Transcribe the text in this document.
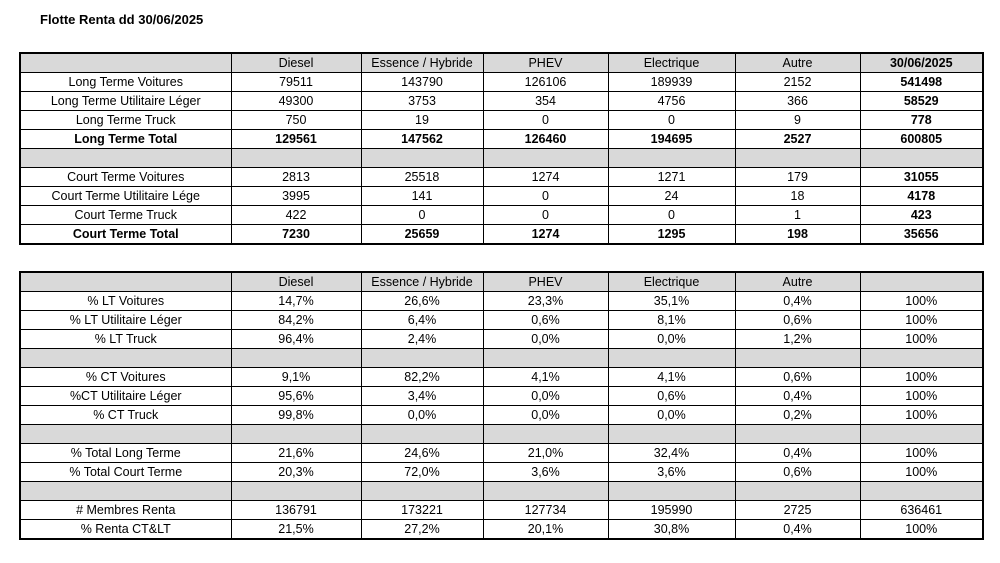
Flotte Renta dd 30/06/2025
	Diesel	Essence / Hybride	PHEV	Electrique	Autre	30/06/2025
Long Terme Voitures	79511	143790	126106	189939	2152	541498
Long Terme Utilitaire Léger	49300	3753	354	4756	366	58529
Long Terme Truck	750	19	0	0	9	778
Long Terme Total	129561	147562	126460	194695	2527	600805

Court Terme Voitures	2813	25518	1274	1271	179	31055
Court Terme Utilitaire Lége	3995	141	0	24	18	4178
Court Terme Truck	422	0	0	0	1	423
Court Terme Total	7230	25659	1274	1295	198	35656
	Diesel	Essence / Hybride	PHEV	Electrique	Autre	
% LT Voitures	14,7%	26,6%	23,3%	35,1%	0,4%	100%
% LT Utilitaire Léger	84,2%	6,4%	0,6%	8,1%	0,6%	100%
% LT Truck	96,4%	2,4%	0,0%	0,0%	1,2%	100%

% CT Voitures	9,1%	82,2%	4,1%	4,1%	0,6%	100%
%CT Utilitaire Léger	95,6%	3,4%	0,0%	0,6%	0,4%	100%
% CT Truck	99,8%	0,0%	0,0%	0,0%	0,2%	100%

% Total Long Terme	21,6%	24,6%	21,0%	32,4%	0,4%	100%
% Total Court Terme	20,3%	72,0%	3,6%	3,6%	0,6%	100%

# Membres Renta	136791	173221	127734	195990	2725	636461
% Renta CT&LT	21,5%	27,2%	20,1%	30,8%	0,4%	100%
